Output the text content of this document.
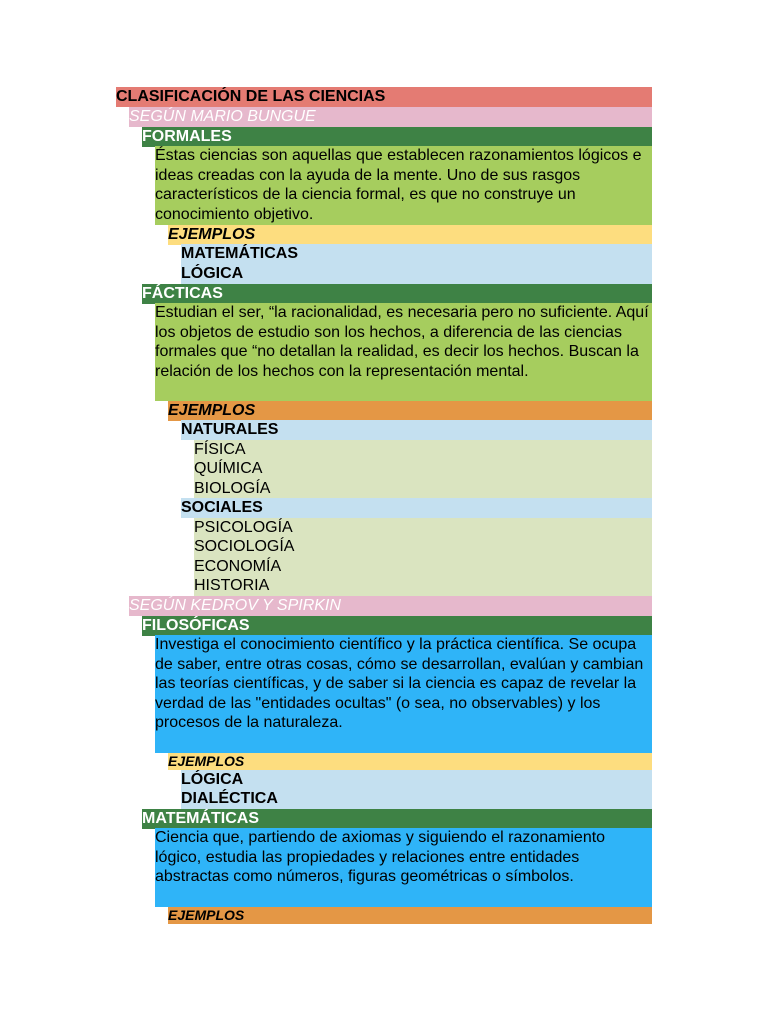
CLASIFICACIÓN DE LAS CIENCIAS
SEGÚN MARIO BUNGUE
FORMALES
Éstas ciencias son aquellas que establecen razonamientos lógicos e ideas creadas con la ayuda de la mente. Uno de sus rasgos característicos de la ciencia formal, es que no construye un conocimiento objetivo.
EJEMPLOS
MATEMÁTICAS
LÓGICA
FÁCTICAS
Estudian el ser, “la racionalidad, es necesaria pero no suficiente. Aquí los objetos de estudio son los hechos, a diferencia de las ciencias formales que “no detallan la realidad, es decir los hechos. Buscan la relación de los hechos con la representación mental.
EJEMPLOS
NATURALES
FÍSICA
QUÍMICA
BIOLOGÍA
SOCIALES
PSICOLOGÍA
SOCIOLOGÍA
ECONOMÍA
HISTORIA
SEGÚN KEDROV Y SPIRKIN
FILOSÓFICAS
Investiga el conocimiento científico y la práctica científica. Se ocupa de saber, entre otras cosas, cómo se desarrollan, evalúan y cambian las teorías científicas, y de saber si la ciencia es capaz de revelar la verdad de las "entidades ocultas" (o sea, no observables) y los procesos de la naturaleza.
EJEMPLOS
LÓGICA
DIALÉCTICA
MATEMÁTICAS
Ciencia que, partiendo de axiomas y siguiendo el razonamiento lógico, estudia las propiedades y relaciones entre entidades abstractas como números, figuras geométricas o símbolos.
EJEMPLOS
